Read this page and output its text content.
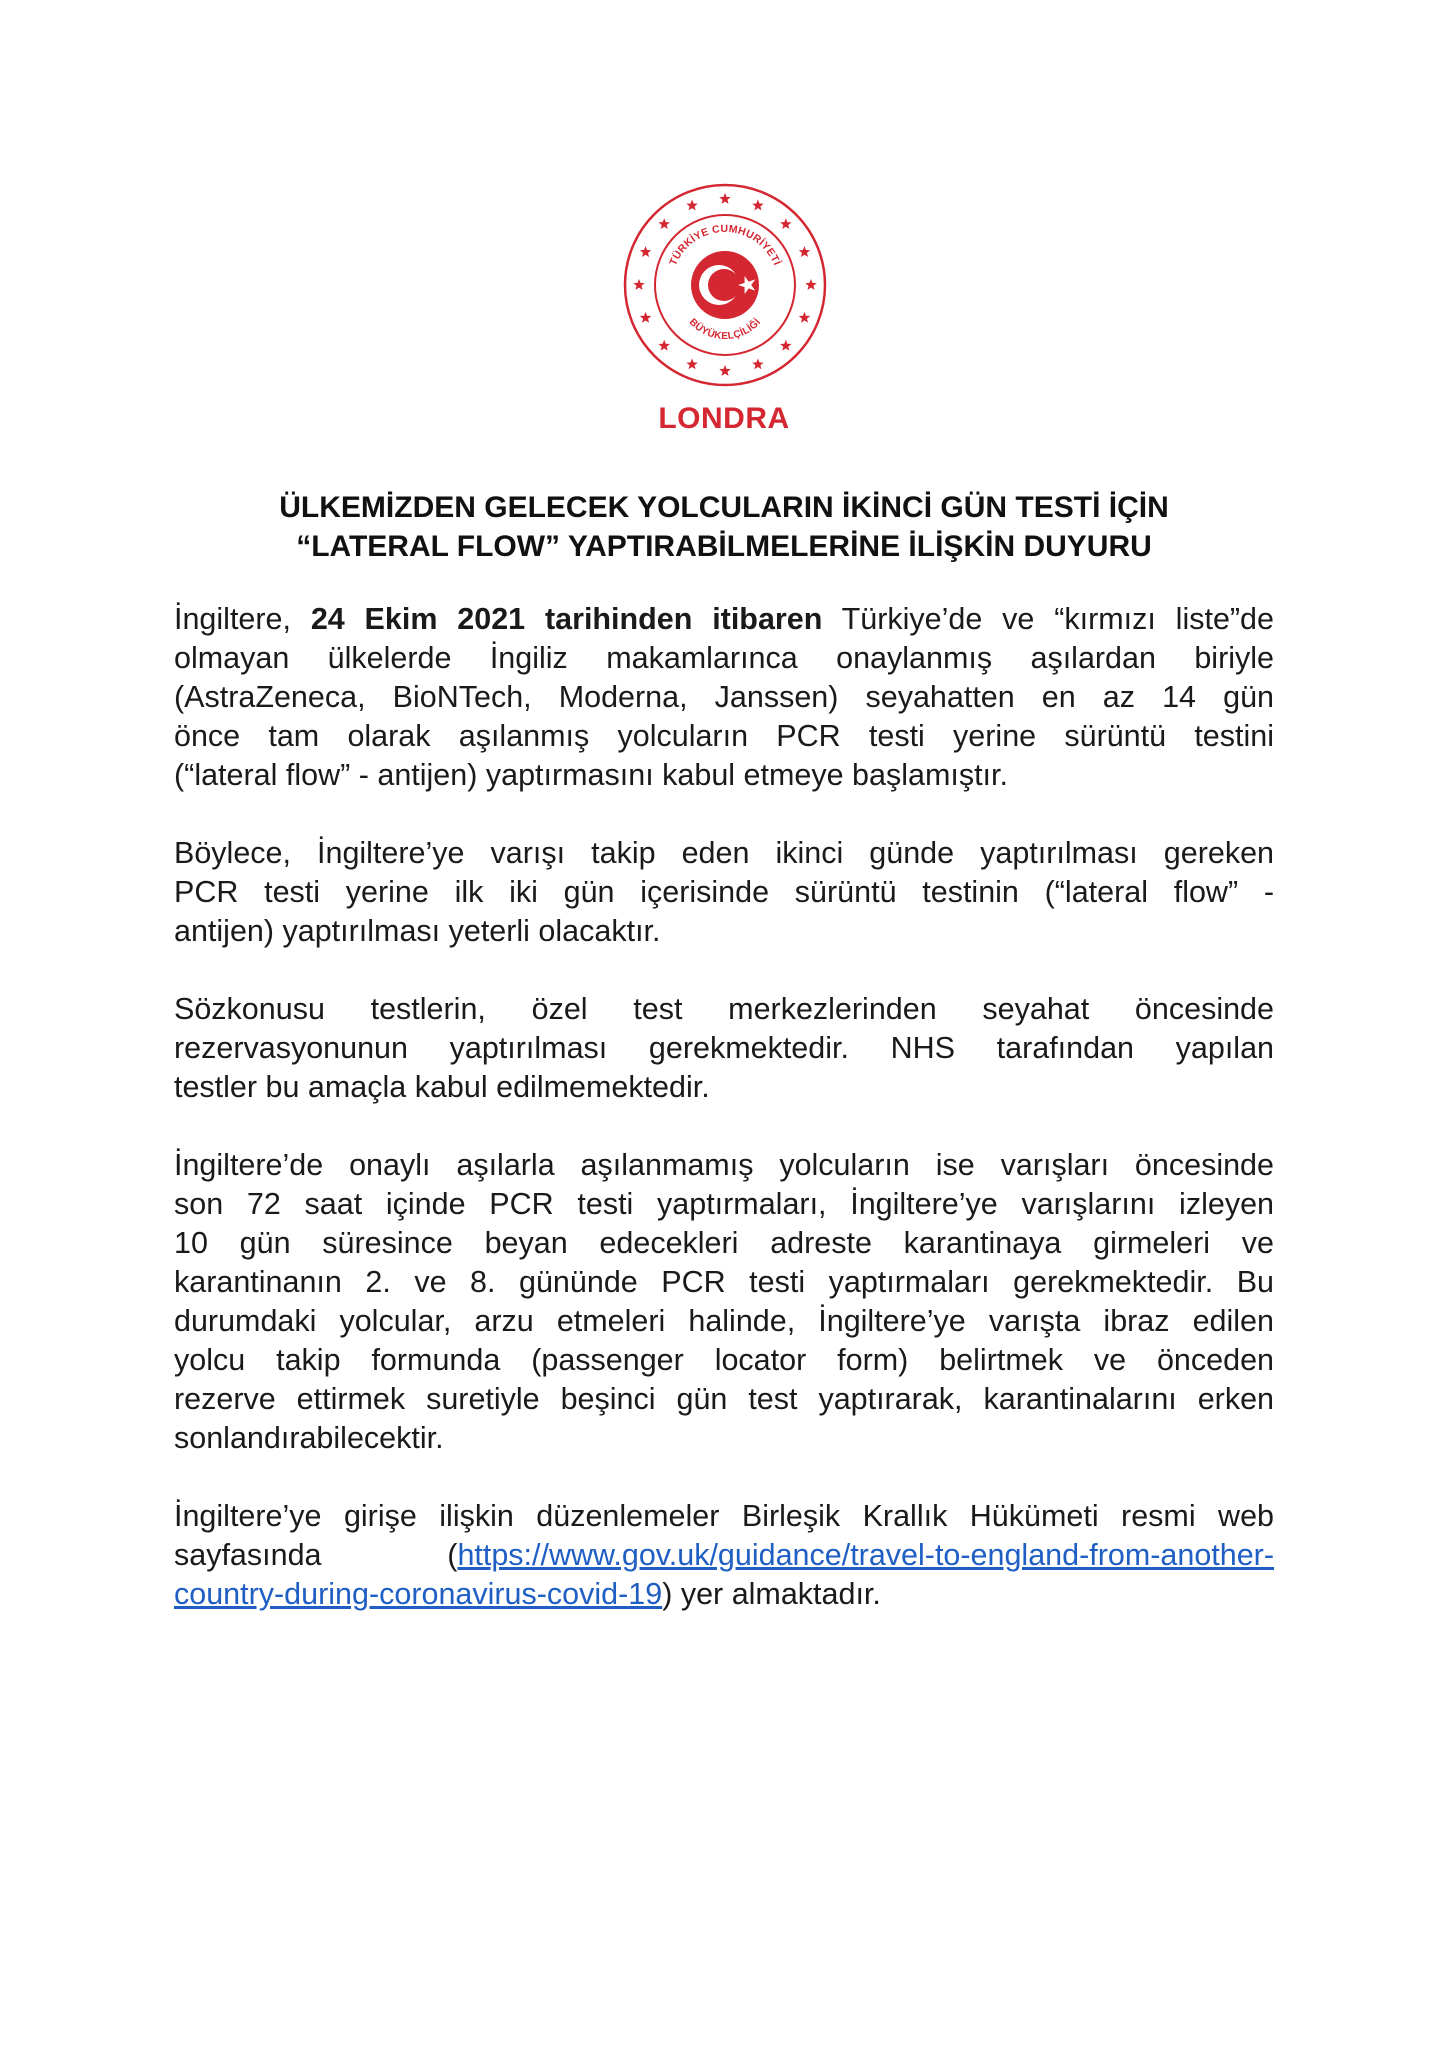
TÜRKİYE CUMHURİYETİ
BÜYÜKELÇİLİĞİ
LONDRA
ÜLKEMİZDEN GELECEK YOLCULARIN İKİNCİ GÜN TESTİ İÇİN
“LATERAL FLOW” YAPTIRABİLMELERİNE İLİŞKİN DUYURU
İngiltere, 24 Ekim 2021 tarihinden itibaren Türkiye’de ve “kırmızı liste”de
olmayan ülkelerde İngiliz makamlarınca onaylanmış aşılardan biriyle
(AstraZeneca, BioNTech, Moderna, Janssen) seyahatten en az 14 gün
önce tam olarak aşılanmış yolcuların PCR testi yerine sürüntü testini
(“lateral flow” - antijen) yaptırmasını kabul etmeye başlamıştır.
Böylece, İngiltere’ye varışı takip eden ikinci günde yaptırılması gereken
PCR testi yerine ilk iki gün içerisinde sürüntü testinin (“lateral flow” -
antijen) yaptırılması yeterli olacaktır.
Sözkonusu testlerin, özel test merkezlerinden seyahat öncesinde
rezervasyonunun yaptırılması gerekmektedir. NHS tarafından yapılan
testler bu amaçla kabul edilmemektedir.
İngiltere’de onaylı aşılarla aşılanmamış yolcuların ise varışları öncesinde
son 72 saat içinde PCR testi yaptırmaları, İngiltere’ye varışlarını izleyen
10 gün süresince beyan edecekleri adreste karantinaya girmeleri ve
karantinanın 2. ve 8. gününde PCR testi yaptırmaları gerekmektedir. Bu
durumdaki yolcular, arzu etmeleri halinde, İngiltere’ye varışta ibraz edilen
yolcu takip formunda (passenger locator form) belirtmek ve önceden
rezerve ettirmek suretiyle beşinci gün test yaptırarak, karantinalarını erken
sonlandırabilecektir.
İngiltere’ye girişe ilişkin düzenlemeler Birleşik Krallık Hükümeti resmi web
sayfasında (https://www.gov.uk/guidance/travel-to-england-from-another-
country-during-coronavirus-covid-19) yer almaktadır.
